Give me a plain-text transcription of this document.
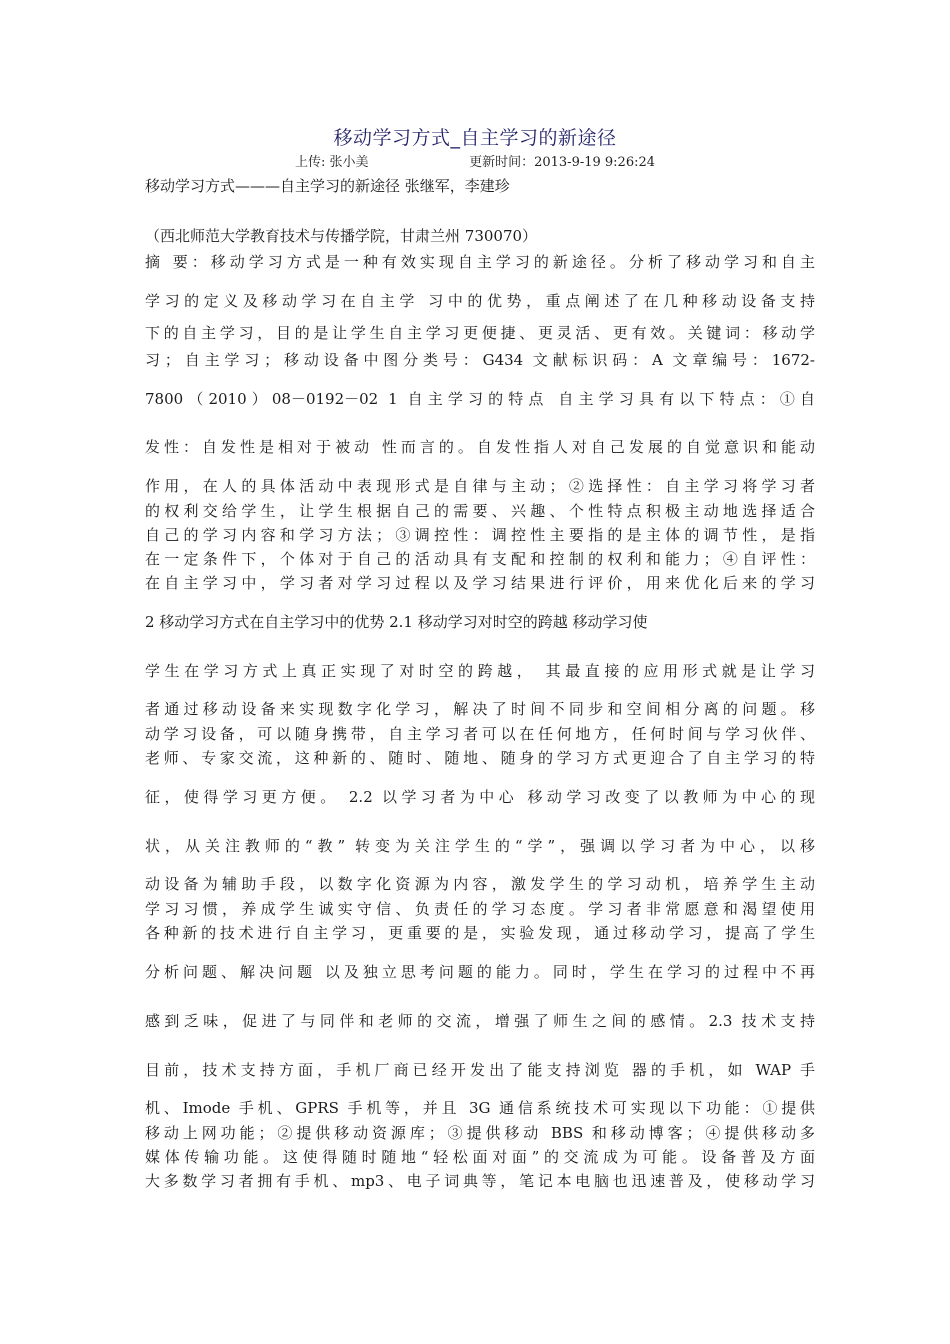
移动学习方式_自主学习的新途径
上传: 张小美	更新时间：2013-9-19 9:26:24
移动学习方式———自主学习的新途径 张继军，李建珍
（西北师范大学教育技术与传播学院，甘肃兰州 730070）
摘 要：移动学习方式是一种有效实现自主学习的新途径。分析了移动学习和自主
学习的定义及移动学习在自主学 习中的优势，重点阐述了在几种移动设备支持
下的自主学习，目的是让学生自主学习更便捷、更灵活、更有效。关键词：移动学
习；自主学习；移动设备中图分类号：G434 文献标识码：A 文章编号：1672-
7800（2010）08－0192－02 1 自主学习的特点 自主学习具有以下特点：①自
发性：自发性是相对于被动 性而言的。自发性指人对自己发展的自觉意识和能动
作用，在人的具体活动中表现形式是自律与主动；②选择性：自主学习将学习者
的权利交给学生，让学生根据自己的需要、兴趣、个性特点积极主动地选择适合
自己的学习内容和学习方法；③调控性：调控性主要指的是主体的调节性，是指
在一定条件下，个体对于自己的活动具有支配和控制的权利和能力；④自评性：
在自主学习中，学习者对学习过程以及学习结果进行评价，用来优化后来的学习
2 移动学习方式在自主学习中的优势 2.1 移动学习对时空的跨越 移动学习使
学生在学习方式上真正实现了对时空的跨越， 其最直接的应用形式就是让学习
者通过移动设备来实现数字化学习，解决了时间不同步和空间相分离的问题。移
动学习设备，可以随身携带，自主学习者可以在任何地方，任何时间与学习伙伴、
老师、专家交流，这种新的、随时、随地、随身的学习方式更迎合了自主学习的特
征，使得学习更方便。 2.2 以学习者为中心 移动学习改变了以教师为中心的现
状，从关注教师的“教” 转变为关注学生的“学”，强调以学习者为中心，以移
动设备为辅助手段，以数字化资源为内容，激发学生的学习动机，培养学生主动
学习习惯，养成学生诚实守信、负责任的学习态度。学习者非常愿意和渴望使用
各种新的技术进行自主学习，更重要的是，实验发现，通过移动学习，提高了学生
分析问题、解决问题 以及独立思考问题的能力。同时，学生在学习的过程中不再
感到乏味，促进了与同伴和老师的交流，增强了师生之间的感情。2.3 技术支持
目前，技术支持方面，手机厂商已经开发出了能支持浏览 器的手机，如 WAP 手
机、Imode 手机、GPRS 手机等，并且 3G 通信系统技术可实现以下功能：①提供
移动上网功能；②提供移动资源库；③提供移动 BBS 和移动博客；④提供移动多
媒体传输功能。这使得随时随地“轻松面对面”的交流成为可能。设备普及方面
大多数学习者拥有手机、mp3、电子词典等，笔记本电脑也迅速普及，使移动学习
